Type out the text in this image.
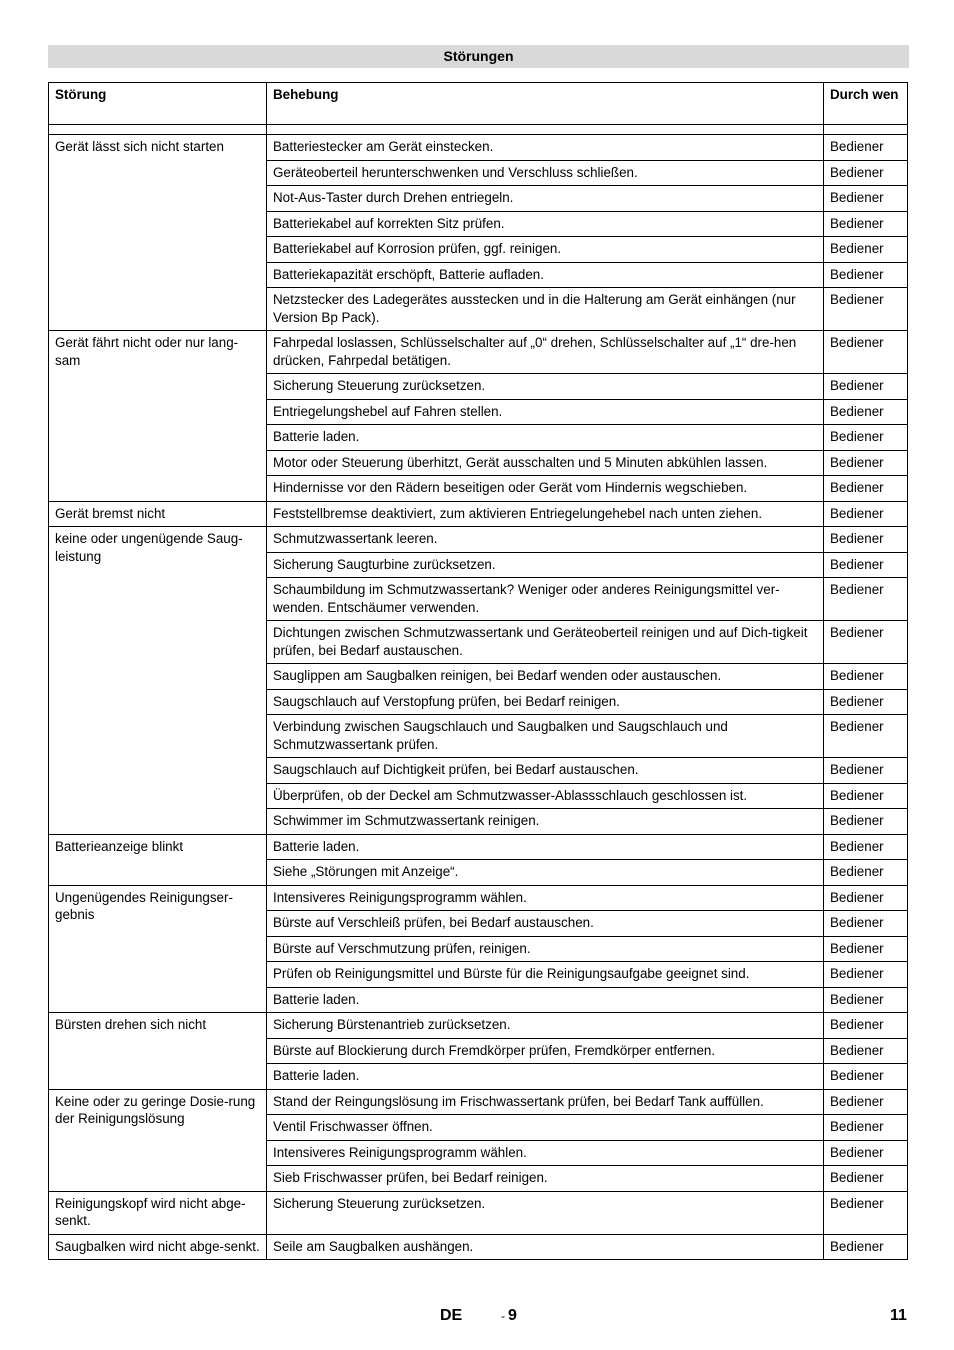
Störungen
Störung	Behebung	Durch wen

Gerät lässt sich nicht starten	Batteriestecker am Gerät einstecken.	Bediener
	Geräteoberteil herunterschwenken und Verschluss schließen.	Bediener
	Not-Aus-Taster durch Drehen entriegeln.	Bediener
	Batteriekabel auf korrekten Sitz prüfen.	Bediener
	Batteriekabel auf Korrosion prüfen, ggf. reinigen.	Bediener
	Batteriekapazität erschöpft, Batterie aufladen.	Bediener
	Netzstecker des Ladegerätes ausstecken und in die Halterung am Gerät einhängen (nur Version Bp Pack).	Bediener
Gerät fährt nicht oder nur lang-sam	Fahrpedal loslassen, Schlüsselschalter auf „0“ drehen, Schlüsselschalter auf „1“ dre-hen drücken, Fahrpedal betätigen.	Bediener
	Sicherung Steuerung zurücksetzen.	Bediener
	Entriegelungshebel auf Fahren stellen.	Bediener
	Batterie laden.	Bediener
	Motor oder Steuerung überhitzt, Gerät ausschalten und 5 Minuten abkühlen lassen.	Bediener
	Hindernisse vor den Rädern beseitigen oder Gerät vom Hindernis wegschieben.	Bediener
Gerät bremst nicht	Feststellbremse deaktiviert, zum aktivieren Entriegelungehebel nach unten ziehen.	Bediener
keine oder ungenügende Saug-leistung	Schmutzwassertank leeren.	Bediener
	Sicherung Saugturbine zurücksetzen.	Bediener
	Schaumbildung im Schmutzwassertank? Weniger oder anderes Reinigungsmittel ver-wenden. Entschäumer verwenden.	Bediener
	Dichtungen zwischen Schmutzwassertank und Geräteoberteil reinigen und auf Dich-tigkeit prüfen, bei Bedarf austauschen.	Bediener
	Sauglippen am Saugbalken reinigen, bei Bedarf wenden oder austauschen.	Bediener
	Saugschlauch auf Verstopfung prüfen, bei Bedarf reinigen.	Bediener
	Verbindung zwischen Saugschlauch und Saugbalken und Saugschlauch und Schmutzwassertank prüfen.	Bediener
	Saugschlauch auf Dichtigkeit prüfen, bei Bedarf austauschen.	Bediener
	Überprüfen, ob der Deckel am Schmutzwasser-Ablassschlauch geschlossen ist.	Bediener
	Schwimmer im Schmutzwassertank reinigen.	Bediener
Batterieanzeige blinkt	Batterie laden.	Bediener
	Siehe „Störungen mit Anzeige“.	Bediener
Ungenügendes Reinigungser-gebnis	Intensiveres Reinigungsprogramm wählen.	Bediener
	Bürste auf Verschleiß prüfen, bei Bedarf austauschen.	Bediener
	Bürste auf Verschmutzung prüfen, reinigen.	Bediener
	Prüfen ob Reinigungsmittel und Bürste für die Reinigungsaufgabe geeignet sind.	Bediener
	Batterie laden.	Bediener
Bürsten drehen sich nicht	Sicherung Bürstenantrieb zurücksetzen.	Bediener
	Bürste auf Blockierung durch Fremdkörper prüfen, Fremdkörper entfernen.	Bediener
	Batterie laden.	Bediener
Keine oder zu geringe Dosie-rung der Reinigungslösung	Stand der Reingungslösung im Frischwassertank prüfen, bei Bedarf Tank auffüllen.	Bediener
	Ventil Frischwasser öffnen.	Bediener
	Intensiveres Reinigungsprogramm wählen.	Bediener
	Sieb Frischwasser prüfen, bei Bedarf reinigen.	Bediener
Reinigungskopf wird nicht abge-senkt.	Sicherung Steuerung zurücksetzen.	Bediener
Saugbalken wird nicht abge-senkt.	Seile am Saugbalken aushängen.	Bediener
DE	- 9	11
